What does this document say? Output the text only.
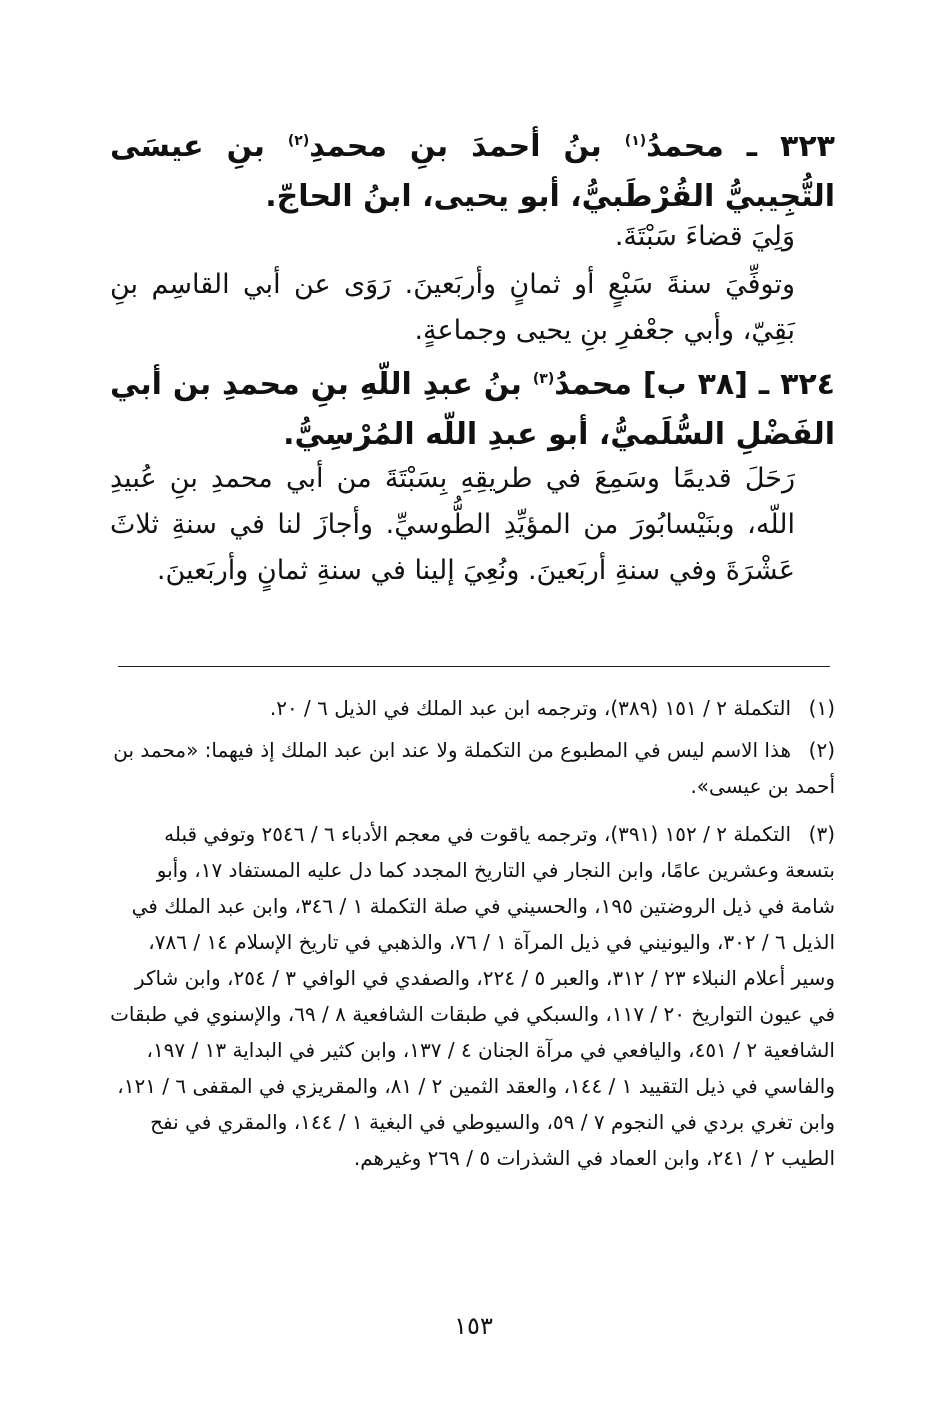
٣٢٣ ـ محمدُ$^{(١)}$ بنُ أحمدَ بنِ محمدِ$^{(٢)}$ بنِ عيسَى التُّجِيبيُّ القُرْطَبيُّ، أبو يحيى، ابنُ الحاجّ.
وَلِيَ قضاءَ سَبْتَةَ.
وتوفِّيَ سنةَ سَبْعٍ أو ثمانٍ وأربَعينَ. رَوَى عن أبي القاسِم بنِ بَقِيّ، وأبي جعْفرِ بنِ يحيى وجماعةٍ.
٣٢٤ ـ [٣٨ ب] محمدُ$^{(٣)}$ بنُ عبدِ اللّهِ بنِ محمدِ بن أبي الفَضْلِ السُّلَميُّ، أبو عبدِ اللّه المُرْسِيُّ.
رَحَلَ قديمًا وسَمِعَ في طريقِهِ بِسَبْتَةَ من أبي محمدِ بنِ عُبيدِ اللّه، وبنَيْسابُورَ من المؤيِّدِ الطُّوسيِّ. وأجازَ لنا في سنةِ ثلاثَ عَشْرَةَ وفي سنةِ أربَعينَ. ونُعِيَ إلينا في سنةِ ثمانٍ وأربَعينَ.
(١)التكملة ٢ / ١٥١ (٣٨٩)، وترجمه ابن عبد الملك في الذيل ٦ / ٢٠.
(٢)هذا الاسم ليس في المطبوع من التكملة ولا عند ابن عبد الملك إذ فيهما: «محمد بن أحمد بن عيسى».
(٣)التكملة ٢ / ١٥٢ (٣٩١)، وترجمه ياقوت في معجم الأدباء ٦ / ٢٥٤٦ وتوفي قبله بتسعة وعشرين عامًا، وابن النجار في التاريخ المجدد كما دل عليه المستفاد ١٧، وأبو شامة في ذيل الروضتين ١٩٥، والحسيني في صلة التكملة ١ / ٣٤٦، وابن عبد الملك في الذيل ٦ / ٣٠٢، واليونيني في ذيل المرآة ١ / ٧٦، والذهبي في تاريخ الإسلام ١٤ / ٧٨٦، وسير أعلام النبلاء ٢٣ / ٣١٢، والعبر ٥ / ٢٢٤، والصفدي في الوافي ٣ / ٢٥٤، وابن شاكر في عيون التواريخ ٢٠ / ١١٧، والسبكي في طبقات الشافعية ٨ / ٦٩، والإسنوي في طبقات الشافعية ٢ / ٤٥١، واليافعي في مرآة الجنان ٤ / ١٣٧، وابن كثير في البداية ١٣ / ١٩٧، والفاسي في ذيل التقييد ١ / ١٤٤، والعقد الثمين ٢ / ٨١، والمقريزي في المقفى ٦ / ١٢١، وابن تغري بردي في النجوم ٧ / ٥٩، والسيوطي في البغية ١ / ١٤٤، والمقري في نفح الطيب ٢ / ٢٤١، وابن العماد في الشذرات ٥ / ٢٦٩ وغيرهم.
١٥٣
